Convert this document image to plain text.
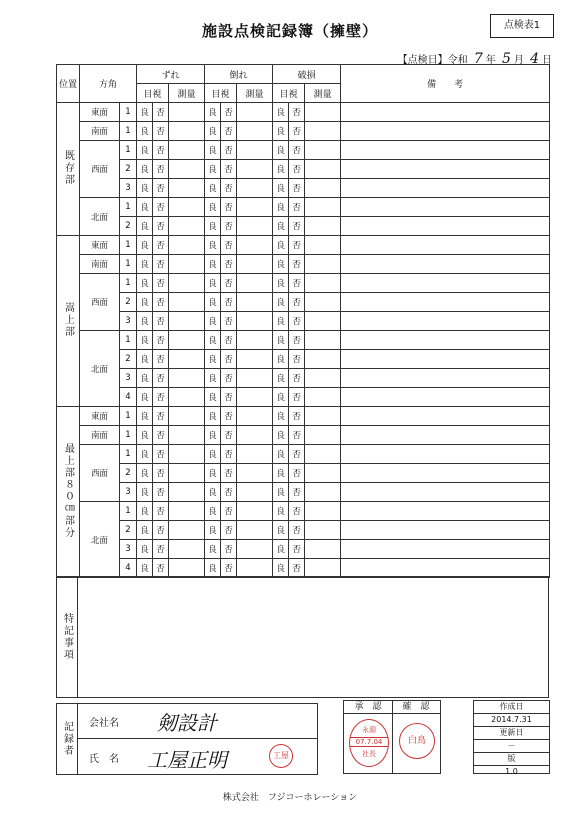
施設点検記録簿（擁壁）	点検表1
【点検日】令和 7 年 5 月 4 日
位置	方角		ずれ			倒れ			破損			備　　考
			目視		測量	目視		測量	目視		測量	
既存部	東面	1	良	否		良	否		良	否		
	南面	1	良	否		良	否		良	否		
	西面	1	良	否		良	否		良	否		
		2	良	否		良	否		良	否		
		3	良	否		良	否		良	否		
	北面	1	良	否		良	否		良	否		
		2	良	否		良	否		良	否		
嵩上部	東面	1	良	否		良	否		良	否		
	南面	1	良	否		良	否		良	否		
	西面	1	良	否		良	否		良	否		
		2	良	否		良	否		良	否		
		3	良	否		良	否		良	否		
	北面	1	良	否		良	否		良	否		
		2	良	否		良	否		良	否		
		3	良	否		良	否		良	否		
		4	良	否		良	否		良	否		
最上部８０㎝部分	東面	1	良	否		良	否		良	否		
	南面	1	良	否		良	否		良	否		
	西面	1	良	否		良	否		良	否		
		2	良	否		良	否		良	否		
		3	良	否		良	否		良	否		
	北面	1	良	否		良	否		良	否		
		2	良	否		良	否		良	否		
		3	良	否		良	否		良	否		
		4	良	否		良	否		良	否		
特記事項
記録者 会社名 剱設計
氏　名 工屋正明	工屋
承　認	確　認
永淵
07.7.04
社長
白鳥
作成日
2014.7.31
更新日
－
版
1.0
株式会社　フジコーホレーション
